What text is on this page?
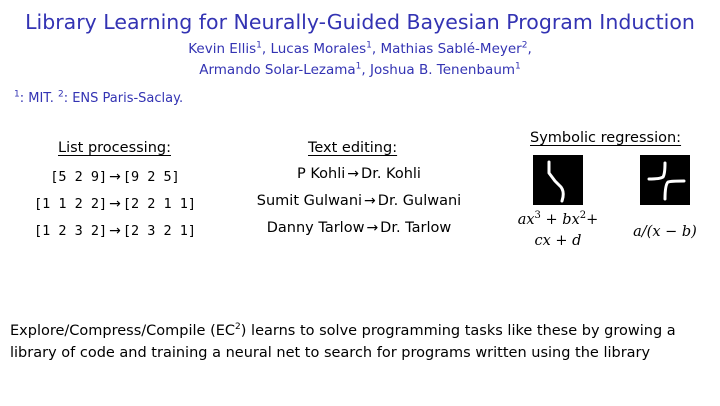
Library Learning for Neurally-Guided Bayesian Program Induction
Kevin Ellis$^1$, Lucas Morales$^1$, Mathias Sablé-Meyer$^2$,
Armando Solar-Lezama$^1$, Joshua B. Tenenbaum$^1$
$^1$: MIT. $^2$: ENS Paris-Saclay.
List processing:
[5 2 9] → [9 2 5]
[1 1 2 2] → [2 2 1 1]
[1 2 3 2] → [2 3 2 1]
Text editing:
P Kohli → Dr. Kohli
Sumit Gulwani → Dr. Gulwani
Danny Tarlow → Dr. Tarlow
Symbolic regression:
$ax^3 + bx^2+$
cx + d
a/(x − b)
Explore/Compress/Compile $(EC^2)$ learns to solve programming tasks like these by growing a library of code and training a neural net to search for programs written using the library
